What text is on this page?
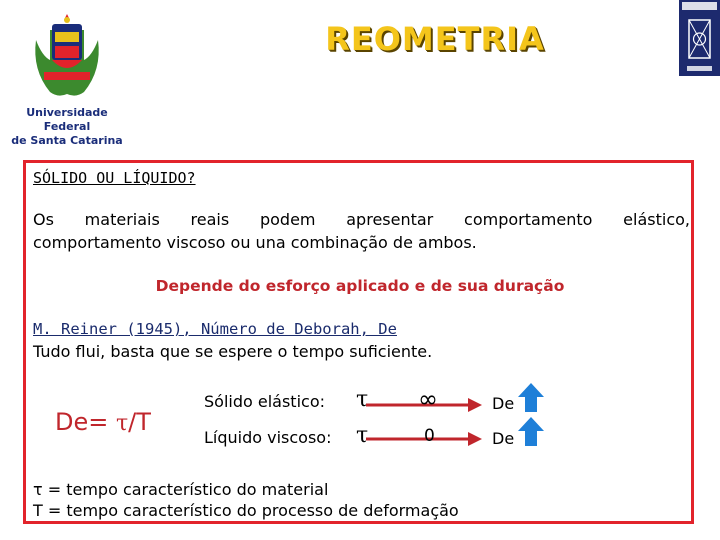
Universidade Federal
de Santa Catarina
REOMETRIA
SÓLIDO OU LÍQUIDO?
Os materiais reais podem apresentar comportamento elástico,
comportamento viscoso ou una combinação de ambos.
Depende do esforço aplicado e de sua duração
M. Reiner (1945), Número de Deborah, De
Tudo flui, basta que se espere o tempo suficiente.
De= τ/T
Sólido elástico: τ ∞	De
Líquido viscoso: τ	0	De
τ = tempo característico do material
T = tempo característico do processo de deformação
